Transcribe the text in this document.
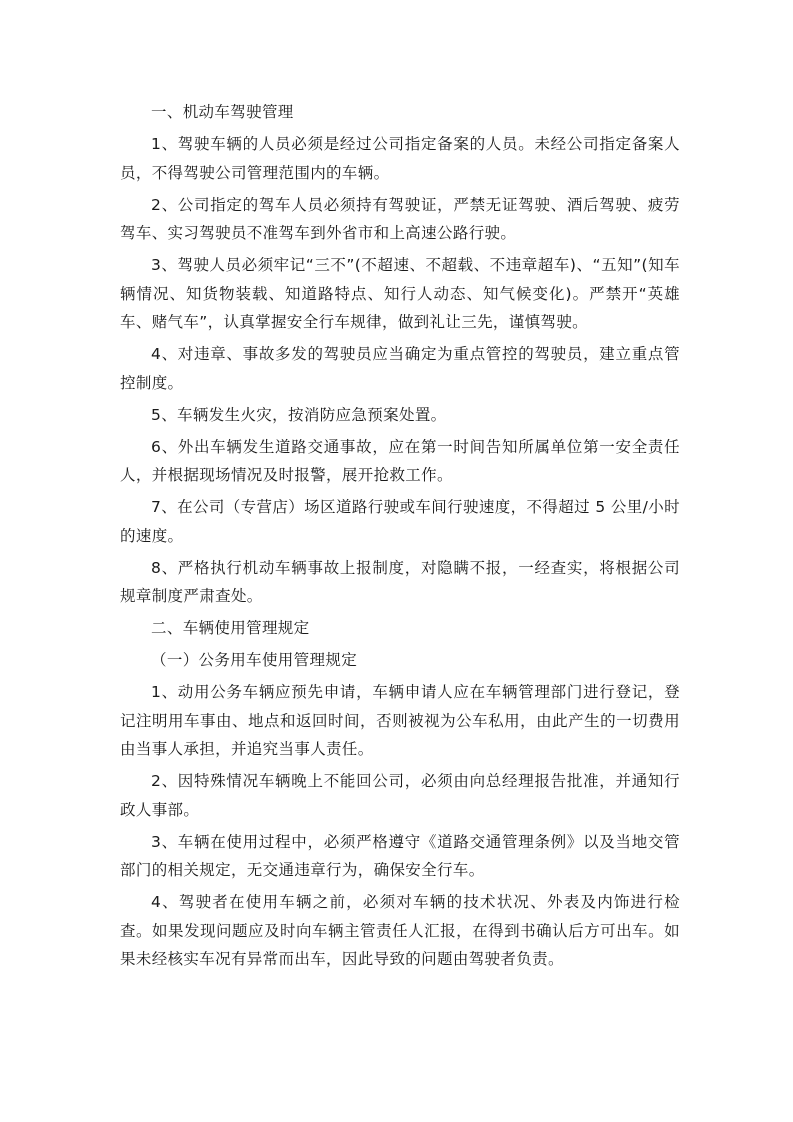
一、机动车驾驶管理

1、驾驶车辆的人员必须是经过公司指定备案的人员。未经公司指定备案人员，不得驾驶公司管理范围内的车辆。

2、公司指定的驾车人员必须持有驾驶证，严禁无证驾驶、酒后驾驶、疲劳驾车、实习驾驶员不准驾车到外省市和上高速公路行驶。

3、驾驶人员必须牢记“三不”(不超速、不超载、不违章超车)、“五知”(知车辆情况、知货物装载、知道路特点、知行人动态、知气候变化)。严禁开“英雄车、赌气车”，认真掌握安全行车规律，做到礼让三先，谨慎驾驶。

4、对违章、事故多发的驾驶员应当确定为重点管控的驾驶员，建立重点管控制度。

5、车辆发生火灾，按消防应急预案处置。

6、外出车辆发生道路交通事故，应在第一时间告知所属单位第一安全责任人，并根据现场情况及时报警，展开抢救工作。

7、在公司（专营店）场区道路行驶或车间行驶速度，不得超过 5 公里/小时的速度。

8、严格执行机动车辆事故上报制度，对隐瞒不报，一经查实，将根据公司规章制度严肃查处。

二、车辆使用管理规定

（一）公务用车使用管理规定

1、动用公务车辆应预先申请，车辆申请人应在车辆管理部门进行登记，登记注明用车事由、地点和返回时间，否则被视为公车私用，由此产生的一切费用由当事人承担，并追究当事人责任。

2、因特殊情况车辆晚上不能回公司，必须由向总经理报告批准，并通知行政人事部。

3、车辆在使用过程中，必须严格遵守《道路交通管理条例》以及当地交管部门的相关规定，无交通违章行为，确保安全行车。

4、驾驶者在使用车辆之前，必须对车辆的技术状况、外表及内饰进行检查。如果发现问题应及时向车辆主管责任人汇报，在得到书确认后方可出车。如果未经核实车况有异常而出车，因此导致的问题由驾驶者负责。
